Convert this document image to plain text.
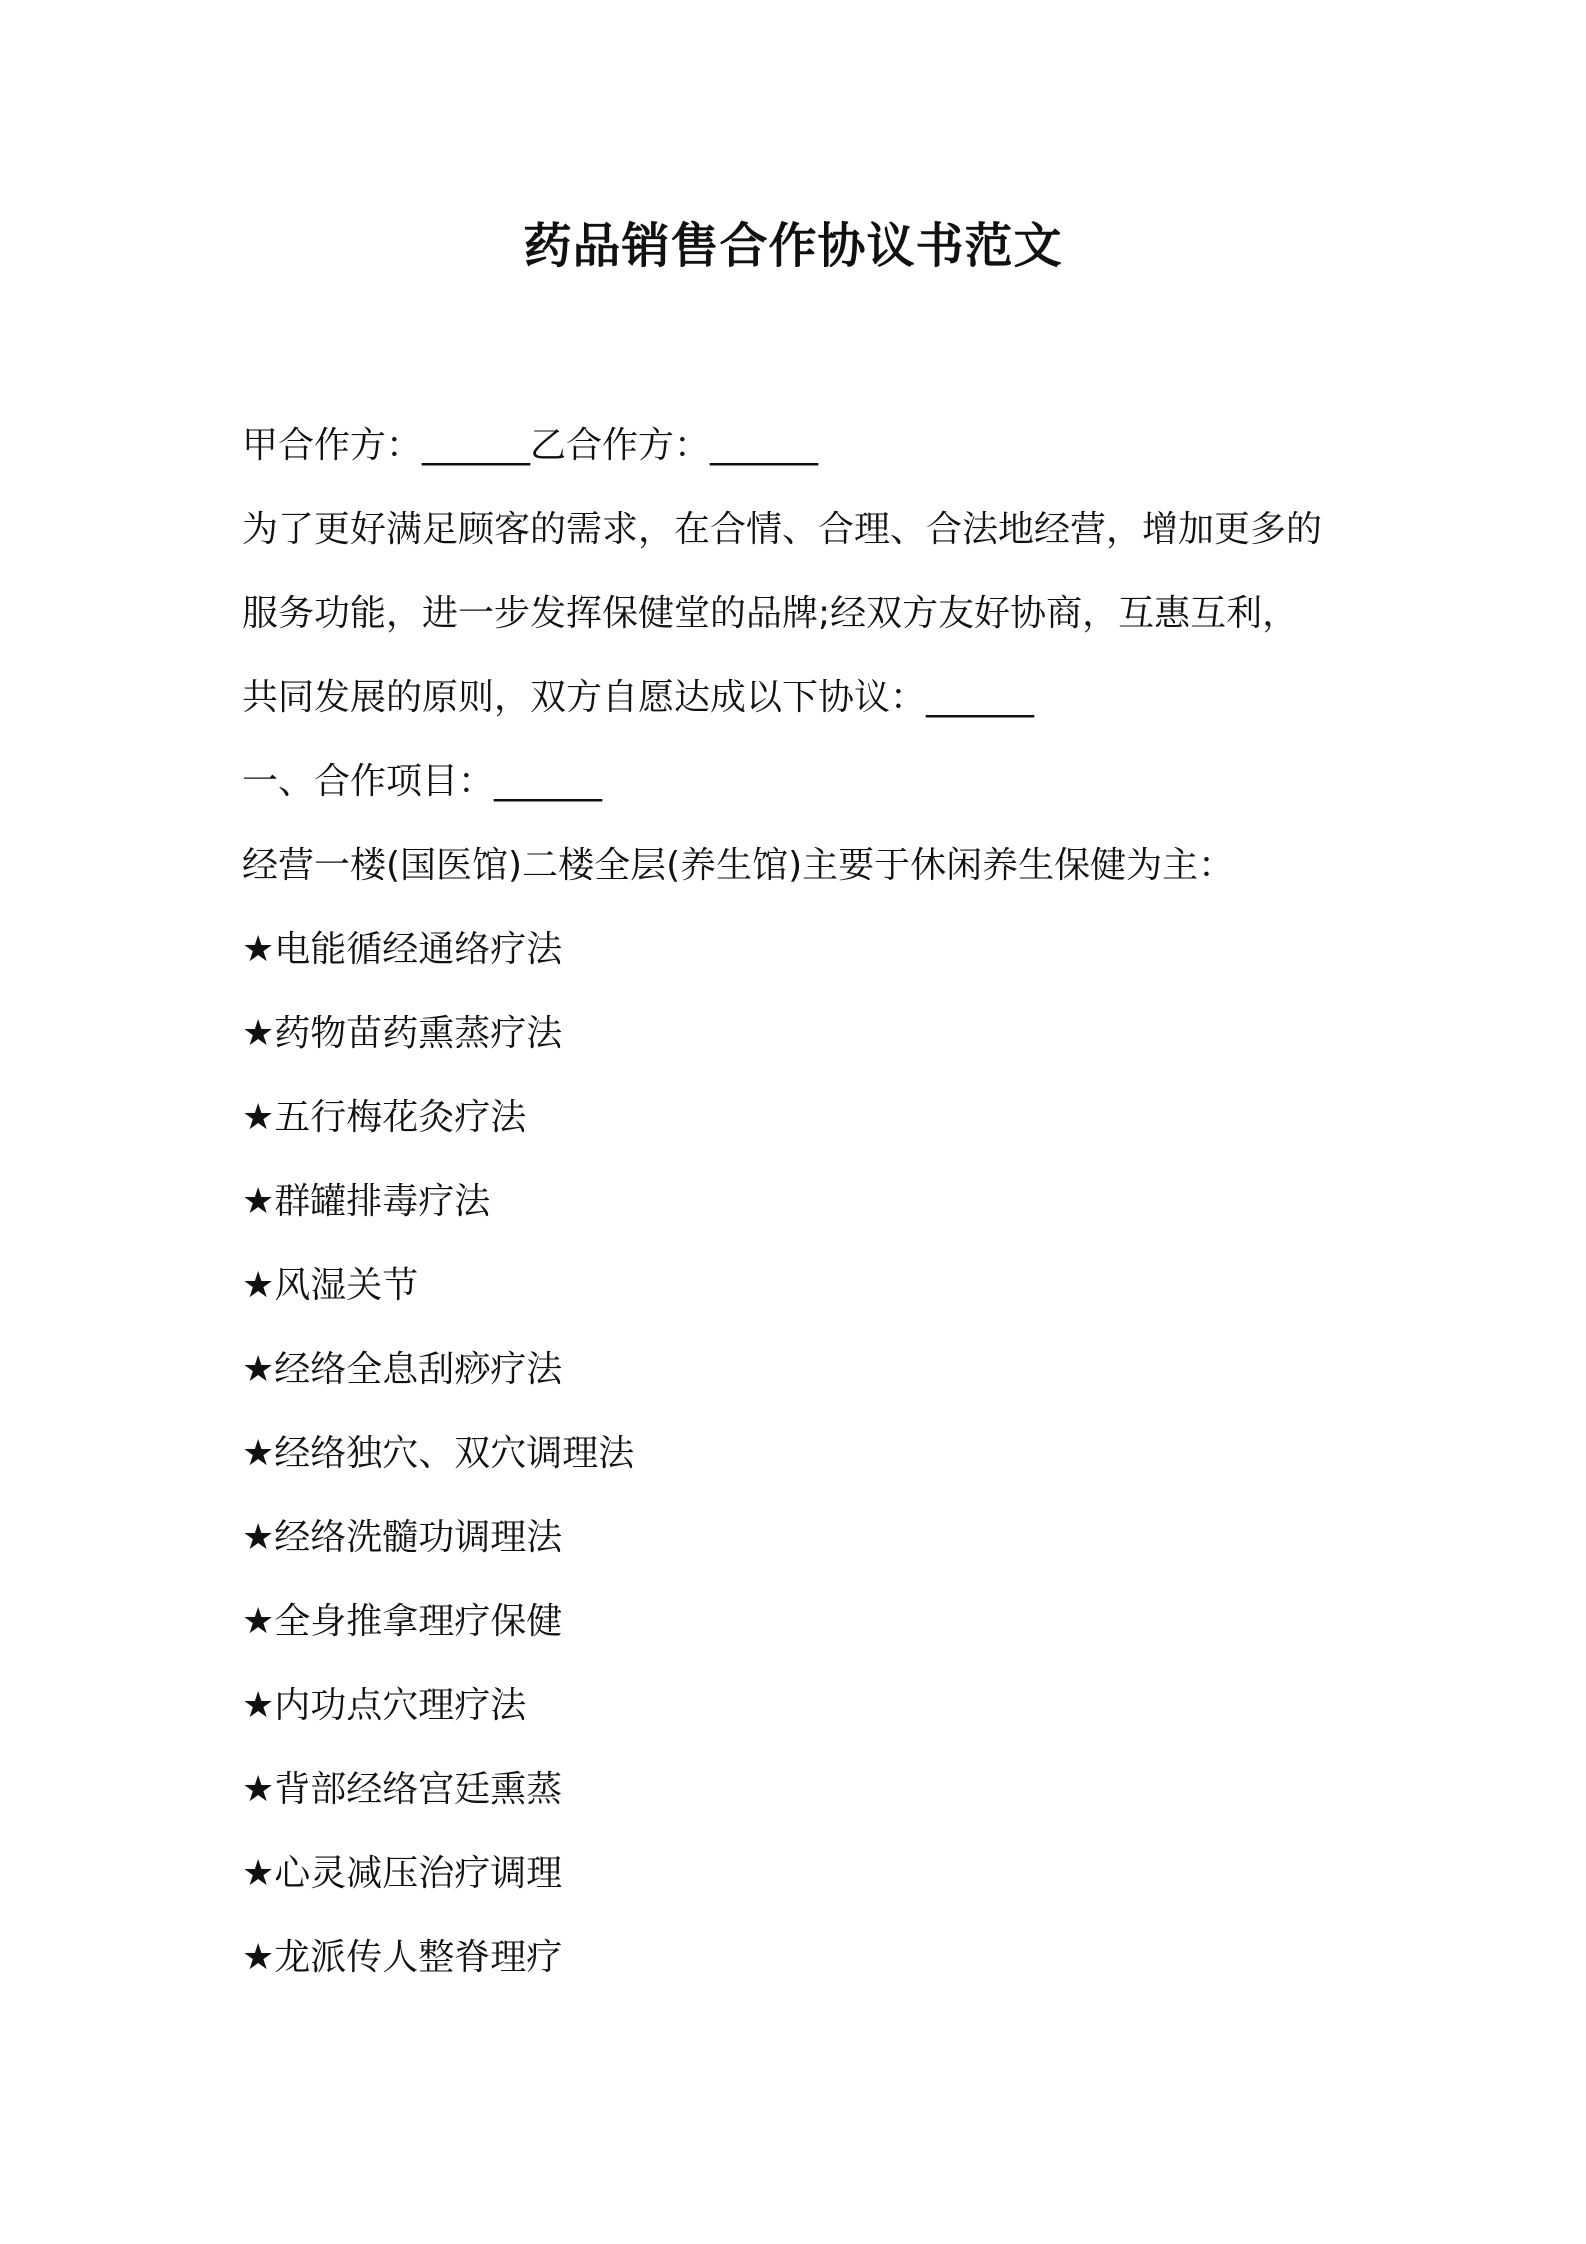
药品销售合作协议书范文
甲合作方：______乙合作方：______
为了更好满足顾客的需求，在合情、合理、合法地经营，增加更多的
服务功能，进一步发挥保健堂的品牌;经双方友好协商，互惠互利，
共同发展的原则，双方自愿达成以下协议：______
一、合作项目：______
经营一楼(国医馆)二楼全层(养生馆)主要于休闲养生保健为主：
★电能循经通络疗法
★药物苗药熏蒸疗法
★五行梅花灸疗法
★群罐排毒疗法
★风湿关节
★经络全息刮痧疗法
★经络独穴、双穴调理法
★经络洗髓功调理法
★全身推拿理疗保健
★内功点穴理疗法
★背部经络宫廷熏蒸
★心灵减压治疗调理
★龙派传人整脊理疗
